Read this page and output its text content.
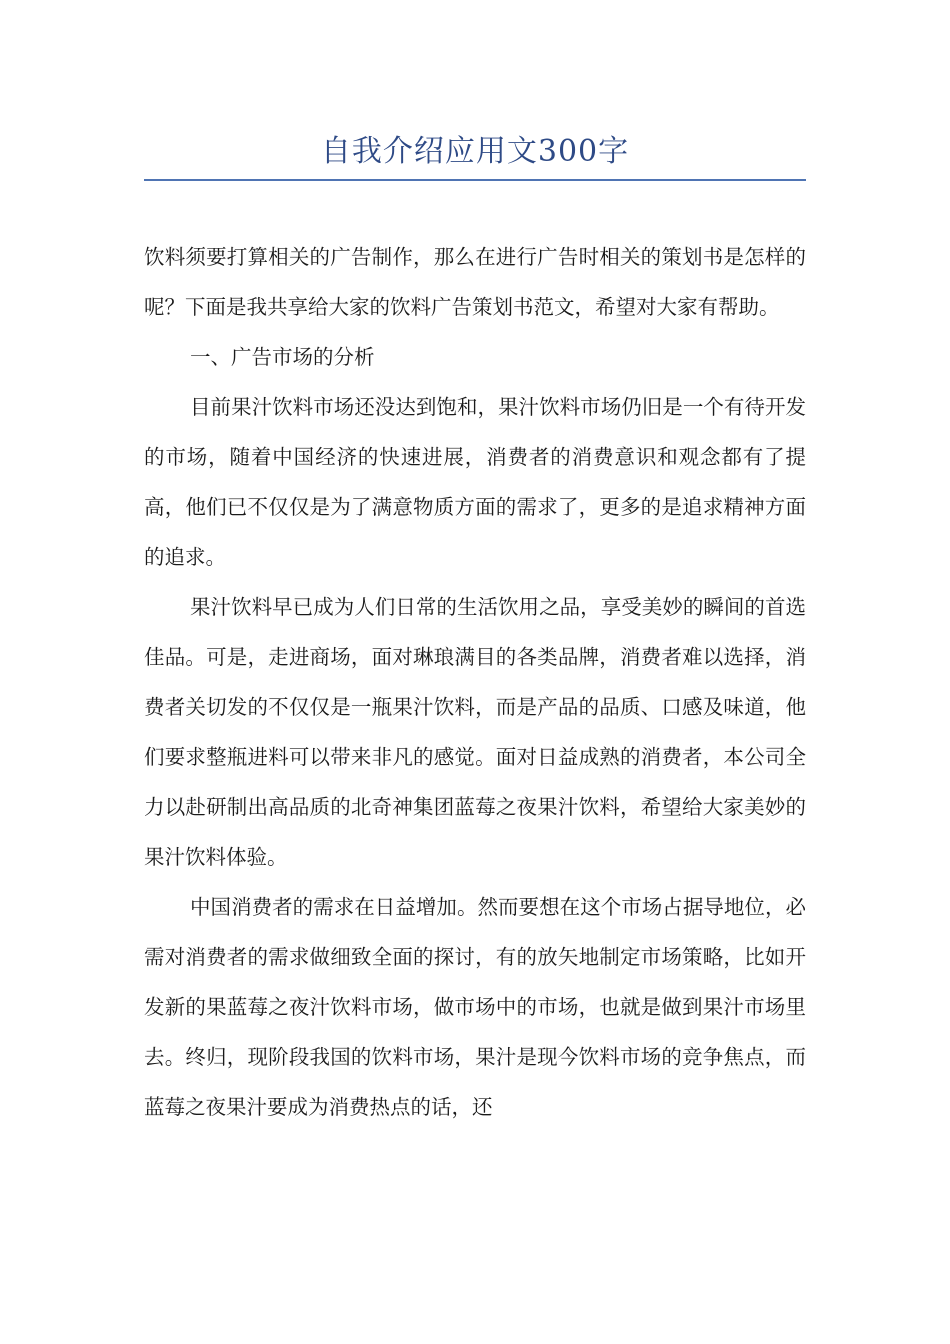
自我介绍应用文300字

饮料须要打算相关的广告制作，那么在进行广告时相关的策划书是怎样的呢？下面是我共享给大家的饮料广告策划书范文，希望对大家有帮助。

一、广告市场的分析

目前果汁饮料市场还没达到饱和，果汁饮料市场仍旧是一个有待开发的市场，随着中国经济的快速进展，消费者的消费意识和观念都有了提高，他们已不仅仅是为了满意物质方面的需求了，更多的是追求精神方面的追求。

果汁饮料早已成为人们日常的生活饮用之品，享受美妙的瞬间的首选佳品。可是，走进商场，面对琳琅满目的各类品牌，消费者难以选择，消费者关切发的不仅仅是一瓶果汁饮料，而是产品的品质、口感及味道，他们要求整瓶进料可以带来非凡的感觉。面对日益成熟的消费者，本公司全力以赴研制出高品质的北奇神集团蓝莓之夜果汁饮料，希望给大家美妙的果汁饮料体验。

中国消费者的需求在日益增加。然而要想在这个市场占据导地位，必需对消费者的需求做细致全面的探讨，有的放矢地制定市场策略，比如开发新的果蓝莓之夜汁饮料市场，做市场中的市场，也就是做到果汁市场里去。终归，现阶段我国的饮料市场，果汁是现今饮料市场的竞争焦点，而蓝莓之夜果汁要成为消费热点的话，还
